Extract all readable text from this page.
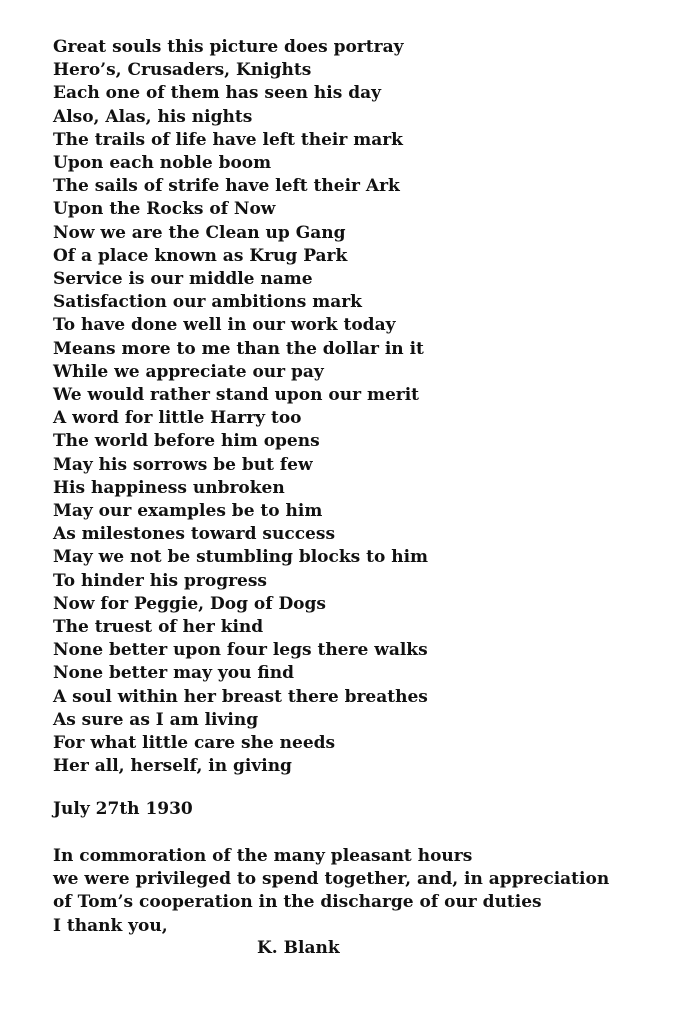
Great souls this picture does portray
Hero’s, Crusaders, Knights
Each one of them has seen his day
Also, Alas, his nights
The trails of life have left their mark
Upon each noble boom
The sails of strife have left their Ark
Upon the Rocks of Now
Now we are the Clean up Gang
Of a place known as Krug Park
Service is our middle name
Satisfaction our ambitions mark
To have done well in our work today
Means more to me than the dollar in it
While we appreciate our pay
We would rather stand upon our merit
A word for little Harry too
The world before him opens
May his sorrows be but few
His happiness unbroken
May our examples be to him
As milestones toward success
May we not be stumbling blocks to him
To hinder his progress
Now for Peggie, Dog of Dogs
The truest of her kind
None better upon four legs there walks
None better may you find
A soul within her breast there breathes
As sure as I am living
For what little care she needs
Her all, herself, in giving
July 27th 1930
In commoration of the many pleasant hours
we were privileged to spend together, and, in appreciation
of Tom’s cooperation in the discharge of our duties
I thank you,
K. Blank
